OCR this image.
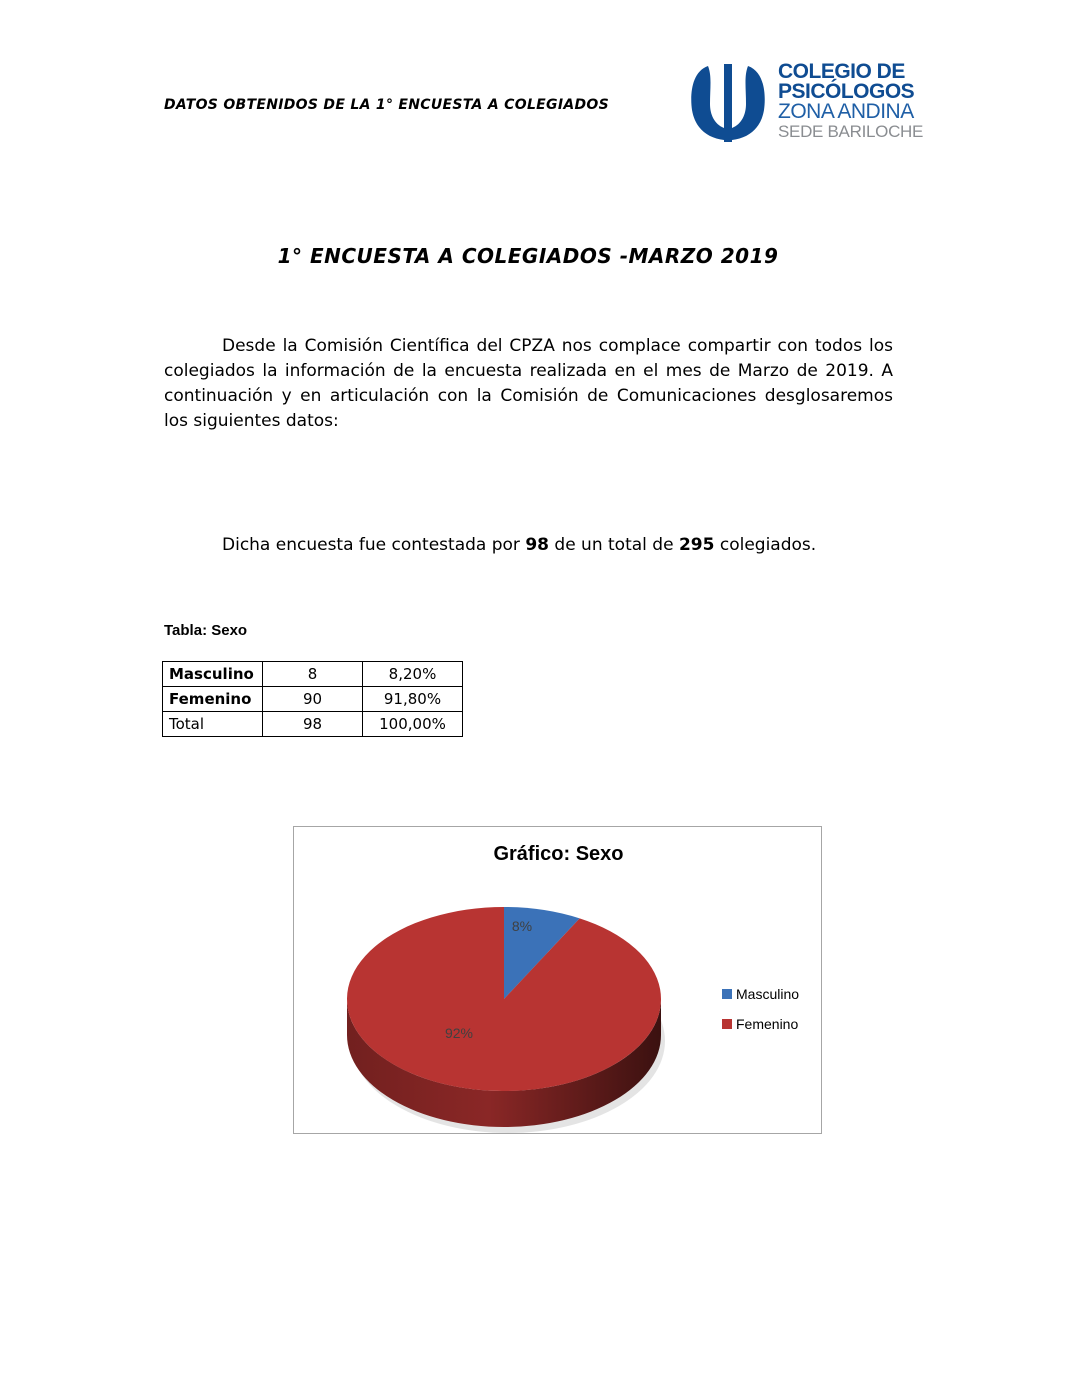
DATOS OBTENIDOS DE LA 1° ENCUESTA A COLEGIADOS
COLEGIO DE
PSICÓLOGOS
ZONA ANDINA
SEDE BARILOCHE
1° ENCUESTA A COLEGIADOS -MARZO 2019
Desde la Comisión Científica del CPZA nos complace compartir con todos los colegiados la información de la encuesta realizada en el mes de Marzo de 2019. A continuación y en articulación con la Comisión de Comunicaciones desglosaremos los siguientes datos:
Dicha encuesta fue contestada por 98 de un total de 295 colegiados.
Tabla: Sexo
Masculino	8	8,20%
Femenino	90	91,80%
Total	98	100,00%
8%
92%
Gráfico: Sexo
Masculino
Femenino
